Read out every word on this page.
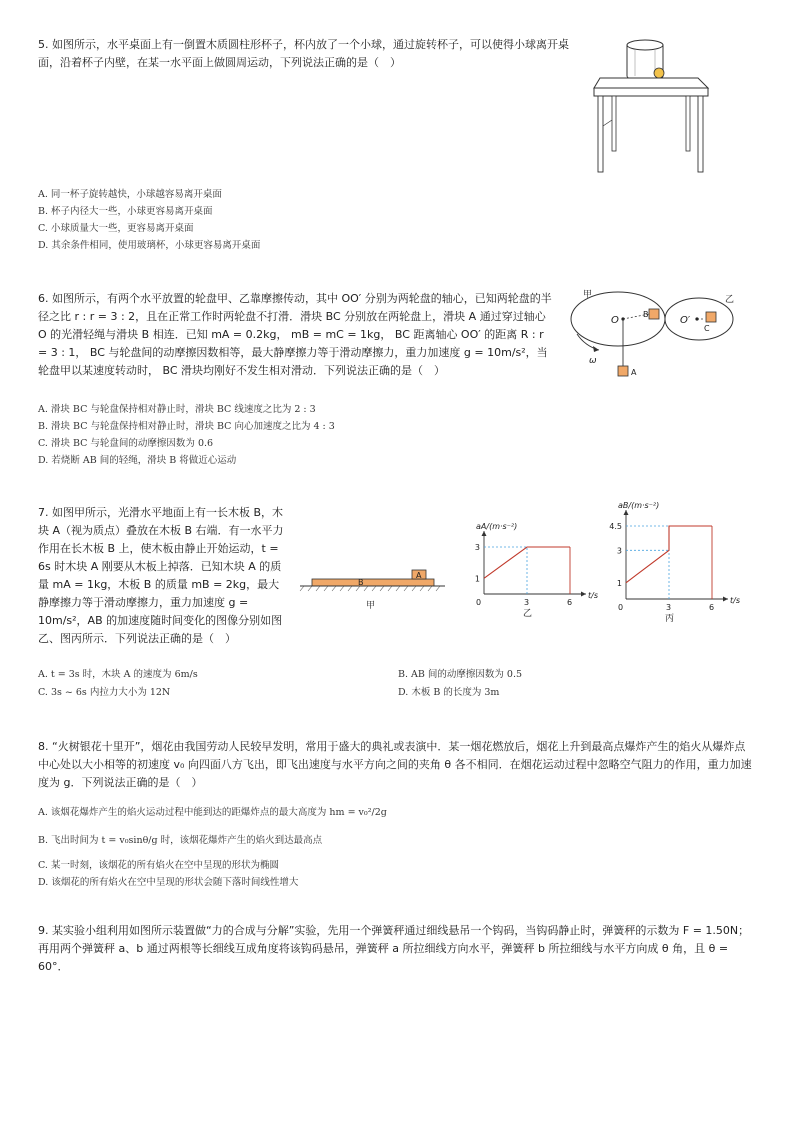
5. 如图所示，水平桌面上有一倒置木质圆柱形杯子，杯内放了一个小球，通过旋转杯子，可以使得小球离开桌面，沿着杯子内壁，在某一水平面上做圆周运动，下列说法正确的是（　）
A. 同一杯子旋转越快，小球越容易离开桌面
B. 杯子内径大一些，小球更容易离开桌面
C. 小球质量大一些，更容易离开桌面
D. 其余条件相同，使用玻璃杯，小球更容易离开桌面
6. 如图所示，有两个水平放置的轮盘甲、乙靠摩擦传动，其中 OO′ 分别为两轮盘的轴心，已知两轮盘的半径之比 r : r = 3 : 2，且在正常工作时两轮盘不打滑．滑块 BC 分别放在两轮盘上，滑块 A 通过穿过轴心 O 的光滑轻绳与滑块 B 相连．已知 mA = 0.2kg， mB = mC = 1kg， BC 距离轴心 OO′ 的距离 R : r = 3 : 1， BC 与轮盘间的动摩擦因数相等，最大静摩擦力等于滑动摩擦力，重力加速度 g = 10m/s²，当轮盘甲以某速度转动时， BC 滑块均刚好不发生相对滑动．下列说法正确的是（　）
甲	乙
O
B
O′
C
A
ω
A. 滑块 BC 与轮盘保持相对静止时，滑块 BC 线速度之比为 2 : 3
B. 滑块 BC 与轮盘保持相对静止时，滑块 BC 向心加速度之比为 4 : 3
C. 滑块 BC 与轮盘间的动摩擦因数为 0.6
D. 若烧断 AB 间的轻绳，滑块 B 将做近心运动
7. 如图甲所示，光滑水平地面上有一长木板 B，木块 A（视为质点）叠放在木板 B 右端．有一水平力作用在长木板 B 上，使木板由静止开始运动，t = 6s 时木块 A 刚要从木板上掉落．已知木块 A 的质量 mA = 1kg，木板 B 的质量 mB = 2kg，最大静摩擦力等于滑动摩擦力，重力加速度 g = 10m/s²，AB 的加速度随时间变化的图像分别如图乙、图丙所示．下列说法正确的是（　）
A
B
甲
aA/(m·s⁻²)
t/s
1
3
0	3	6
乙
aB/(m·s⁻²)
t/s
1
3
4.5
0	3	6
丙
A. t = 3s 时，木块 A 的速度为 6m/s	B. AB 间的动摩擦因数为 0.5
C. 3s ~ 6s 内拉力大小为 12N	D. 木板 B 的长度为 3m
8. “火树银花十里开”，烟花由我国劳动人民较早发明，常用于盛大的典礼或表演中．某一烟花燃放后，烟花上升到最高点爆炸产生的焰火从爆炸点中心处以大小相等的初速度 v₀ 向四面八方飞出，即飞出速度与水平方向之间的夹角 θ 各不相同．在烟花运动过程中忽略空气阻力的作用，重力加速度为 g．下列说法正确的是（　）
A. 该烟花爆炸产生的焰火运动过程中能到达的距爆炸点的最大高度为 hm = v₀²/2g
B. 飞出时间为 t = v₀sinθ/g 时，该烟花爆炸产生的焰火到达最高点
C. 某一时刻，该烟花的所有焰火在空中呈现的形状为椭圆
D. 该烟花的所有焰火在空中呈现的形状会随下落时间线性增大
9. 某实验小组利用如图所示装置做“力的合成与分解”实验，先用一个弹簧秤通过细线悬吊一个钩码，当钩码静止时，弹簧秤的示数为 F = 1.50N；再用两个弹簧秤 a、b 通过两根等长细线互成角度将该钩码悬吊，弹簧秤 a 所拉细线方向水平，弹簧秤 b 所拉细线与水平方向成 θ 角，且 θ = 60°．
